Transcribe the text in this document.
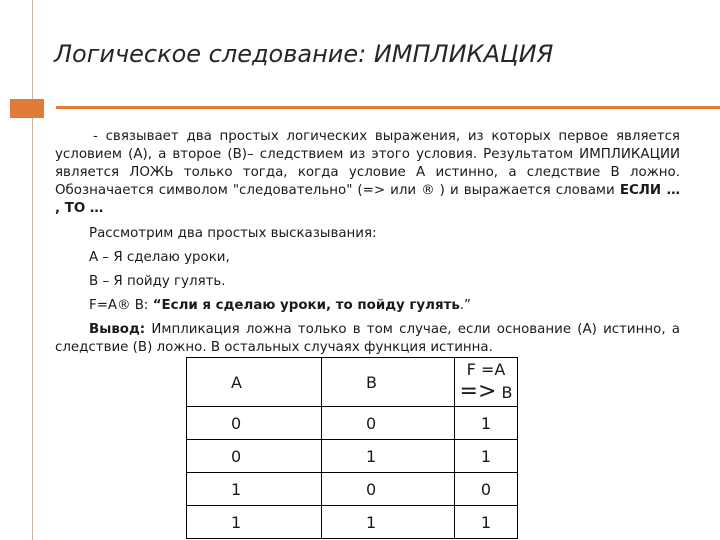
Логическое следование: ИМПЛИКАЦИЯ

- связывает два простых логических выражения, из которых первое является условием (А), а второе (В)– следствием из этого условия. Результатом ИМПЛИКАЦИИ является ЛОЖЬ только тогда, когда условие А истинно, а следствие В ложно. Обозначается символом "следовательно" (=> или ® ) и выражается словами ЕСЛИ … , ТО …

Рассмотрим два простых высказывания:

А – Я сделаю уроки,

В – Я пойду гулять.

F=A® B: “Если я сделаю уроки, то пойду гулять.”

Вывод: Импликация ложна только в том случае, если основание (А) истинно, а следствие (В) ложно. В остальных случаях функция истинна.

A	B	F =A => B
0	0	1
0	1	1
1	0	0
1	1	1
